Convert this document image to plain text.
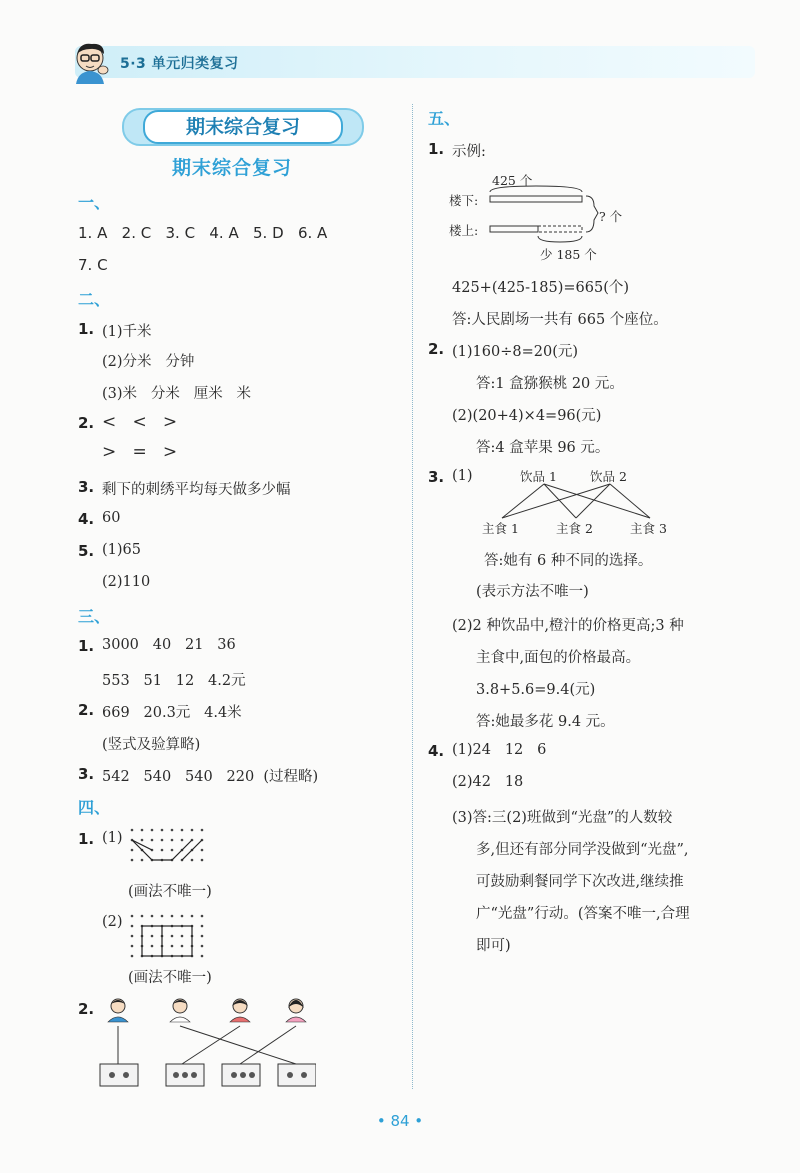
5·3 单元归类复习
期末综合复习
期末综合复习
一、
1. A   2. C   3. C   4. A   5. D   6. A
7. C
二、
1. (1)千米
(2)分米   分钟
(3)米   分米   厘米   米
2. <   <   >
>   =   >
3. 剩下的刺绣平均每天做多少幅
4. 60
5. (1)65
(2)110
三、
1. 3000   40   21   36
553   51   12   4.2元
2. 669   20.3元   4.4米
(竖式及验算略)
3. 542   540   540   220  (过程略)
四、
1. (1)
(画法不唯一)
(2)
(画法不唯一)
2.
五、
1. 示例:
425 个
楼下:
楼上:
? 个
少 185 个
425+(425-185)=665(个)
答:人民剧场一共有 665 个座位。
2. (1)160÷8=20(元)
答:1 盒猕猴桃 20 元。
(2)(20+4)×4=96(元)
答:4 盒苹果 96 元。
3. (1)	饮品 1	饮品 2
主食 1	主食 2	主食 3
答:她有 6 种不同的选择。
(表示方法不唯一)
(2)2 种饮品中,橙汁的价格更高;3 种
主食中,面包的价格最高。
3.8+5.6=9.4(元)
答:她最多花 9.4 元。
4. (1)24   12   6
(2)42   18
(3)答:三(2)班做到“光盘”的人数较
多,但还有部分同学没做到“光盘”,
可鼓励剩餐同学下次改进,继续推
广“光盘”行动。(答案不唯一,合理
即可)
• 84 •
